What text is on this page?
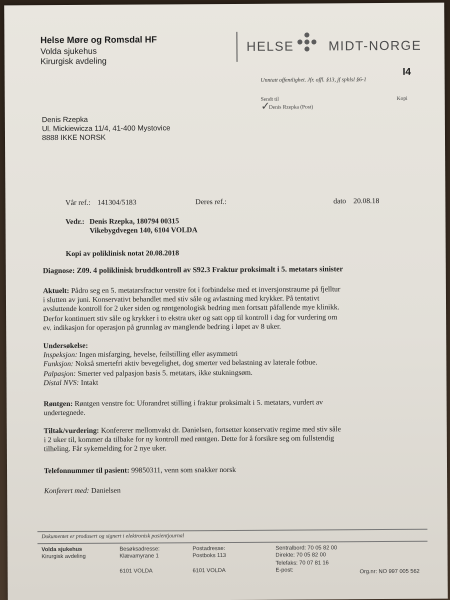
Helse Møre og Romsdal HF
Volda sjukehus
Kirurgisk avdeling
HELSE	MIDT-NORGE
I4
Unntatt offentlighet. Jfr. offl. §13, jf sphlsl §6-1
Sendt til	Kopi
✓
Denis Rzepka (Post)
Denis Rzepka
Ul. Mickiewicza 11/4, 41-400 Mystovice
8888 IKKE NORSK
Vår ref.: 141304/5183	Deres ref.:	dato 20.08.18
Vedr.: Denis Rzepka, 180794 00315
Vikebygdvegen 140, 6104 VOLDA
Kopi av poliklinisk notat 20.08.2018
Diagnose: Z09. 4 poliklinisk bruddkontroll av S92.3 Fraktur proksimalt i 5. metatars sinister
Aktuelt: Pådro seg en 5. metatarsfractur venstre fot i forbindelse med et inversjonstraume på fjelltur
i slutten av juni. Konservativt behandlet med stiv såle og avlastning med krykker. På tentativt
avsluttende kontroll for 2 uker siden og røntgenologisk bedring men fortsatt påfallende mye klinikk.
Derfor kontinuert stiv såle og krykker i to ekstra uker og satt opp til kontroll i dag for vurdering om
ev. indikasjon for operasjon på grunnlag av manglende bedring i løpet av 8 uker.
Undersøkelse:
Inspeksjon: Ingen misfarging, hevelse, feilstilling eller asymmetri
Funksjon: Nokså smertefri aktiv bevegelighet, dog smerter ved belastning av laterale fotbue.
Palpasjon: Smerter ved palpasjon basis 5. metatars, ikke stukningsøm.
Distal NVS: Intakt
Røntgen: Røntgen venstre fot: Uforandret stilling i fraktur proksimalt i 5. metatars, vurdert av
undertegnede.
Tiltak/vurdering: Konfererer mellomvakt dr. Danielsen, fortsetter konservativ regime med stiv såle
i 2 uker til, kommer da tilbake for ny kontroll med røntgen. Dette for å forsikre seg om fullstendig
tilheling. Får sykemelding for 2 nye uker.
Telefonnummer til pasient: 99850311, venn som snakker norsk
Konferert med: Danielsen
Dokumentet er produsert og signert i elektronisk pasientjournal
Volda sjukehus
Kirurgisk avdeling
Besøksadresse:
Klævamyrane 1

6101 VOLDA
Postadresse:
Postboks 113

6101 VOLDA
Sentralbord: 70 05 82 00
Direkte: 70 05 82 00
Telefaks: 70 07 81 16
E-post:	Org.nr: NO 997 005 562
